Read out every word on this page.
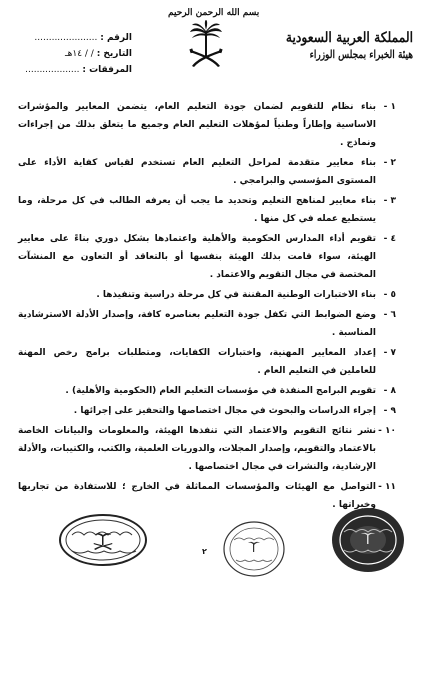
بسم الله الرحمن الرحيم
المملكة العربية السعودية
هيئة الخبراء بمجلس الوزراء
الرقم : ......................
التاريخ : / / ١٤هـ
المرفقات : ...................
١ -
بناء نظام للتقويم لضمان جودة التعليم العام، يتضمن المعايير والمؤشرات الاساسية وإطاراً وطنياً لمؤهلات التعليم العام وجميع ما يتعلق بذلك من إجراءات ونماذج .
٢ -
بناء معايير متقدمة لمراحل التعليم العام تستخدم لقياس كفاية الأداء على المستوى المؤسسي والبرامجي .
٣ -
بناء معايير لمناهج التعليم وتحديد ما يجب أن يعرفه الطالب في كل مرحلة، وما يستطيع عمله في كل منها .
٤ -
تقويم أداء المدارس الحكومية والأهلية واعتمادها بشكل دوري بناءً على معايير الهيئة، سواء قامت بذلك الهيئة بنفسها أو بالتعاقد أو التعاون مع المنشآت المختصة في مجال التقويم والاعتماد .
٥ -
بناء الاختبارات الوطنية المقننة في كل مرحلة دراسية وتنفيذها .
٦ -
وضع الضوابط التي تكفل جودة التعليم بعناصره كافة، وإصدار الأدلة الاسترشادية المناسبة .
٧ -
إعداد المعايير المهنية، واختبارات الكفايات، ومتطلبات برامج رخص المهنة للعاملين في التعليم العام .
٨ -
تقويم البرامج المنفذة في مؤسسات التعليم العام (الحكومية والأهلية) .
٩ -
إجراء الدراسات والبحوث في مجال اختصاصها والتحفيز على إجرائها .
١٠ -
نشر نتائج التقويم والاعتماد التي تنفذها الهيئة، والمعلومات والبيانات الخاصة بالاعتماد والتقويم، وإصدار المجلات، والدوريات العلمية، والكتب، والكتيبات، والأدلة الإرشادية، والنشرات في مجال اختصاصها .
١١ -
التواصل مع الهيئات والمؤسسات المماثلة في الخارج ؛ للاستفادة من تجاربها وخبراتها .
٢
